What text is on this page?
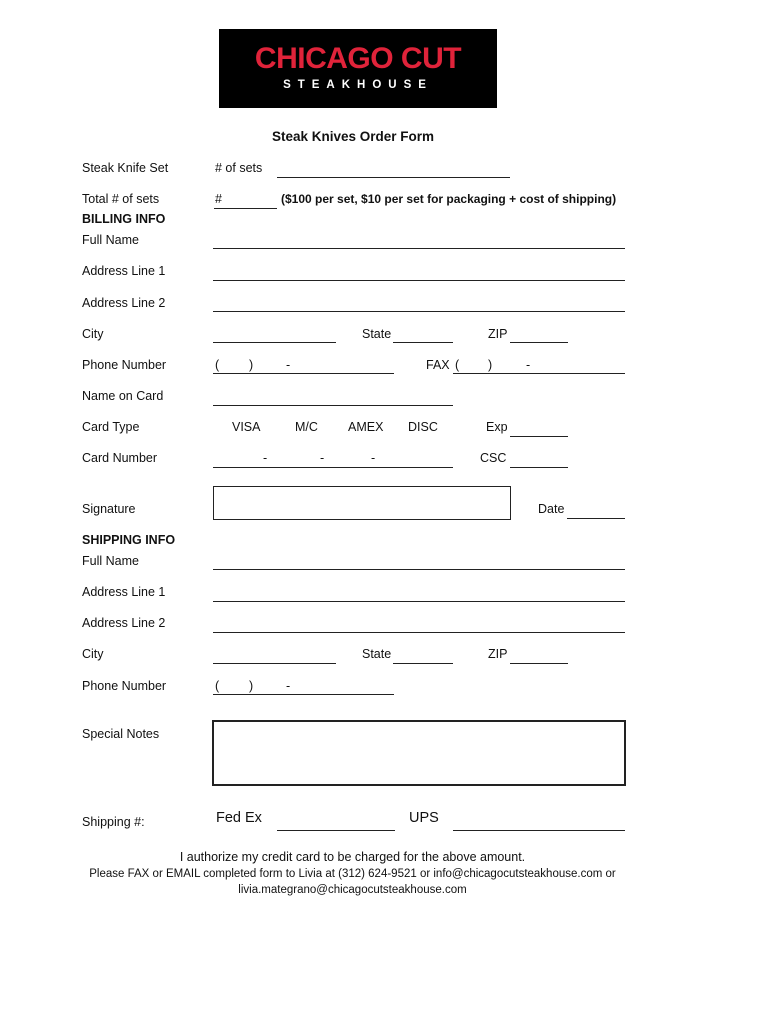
CHICAGO CUT
STEAKHOUSE
Steak Knives Order Form
Steak Knife Set	# of sets
Total # of sets	#	($100 per set, $10 per set for packaging + cost of shipping)
BILLING INFO
Full Name
Address Line 1
Address Line 2
City	State	ZIP
Phone Number	( )	-	FAX ( )	-
Name on Card
Card Type	VISA	M/C AMEX DISC	Exp
Card Number	-	-	-	CSC
Signature	Date
SHIPPING INFO
Full Name
Address Line 1
Address Line 2
City	State	ZIP
Phone Number	( )	-
Special Notes
Shipping #:	Fed Ex	UPS
I authorize my credit card to be charged for the above amount.
Please FAX or EMAIL completed form to Livia at (312) 624-9521 or info@chicagocutsteakhouse.com or
livia.mategrano@chicagocutsteakhouse.com
